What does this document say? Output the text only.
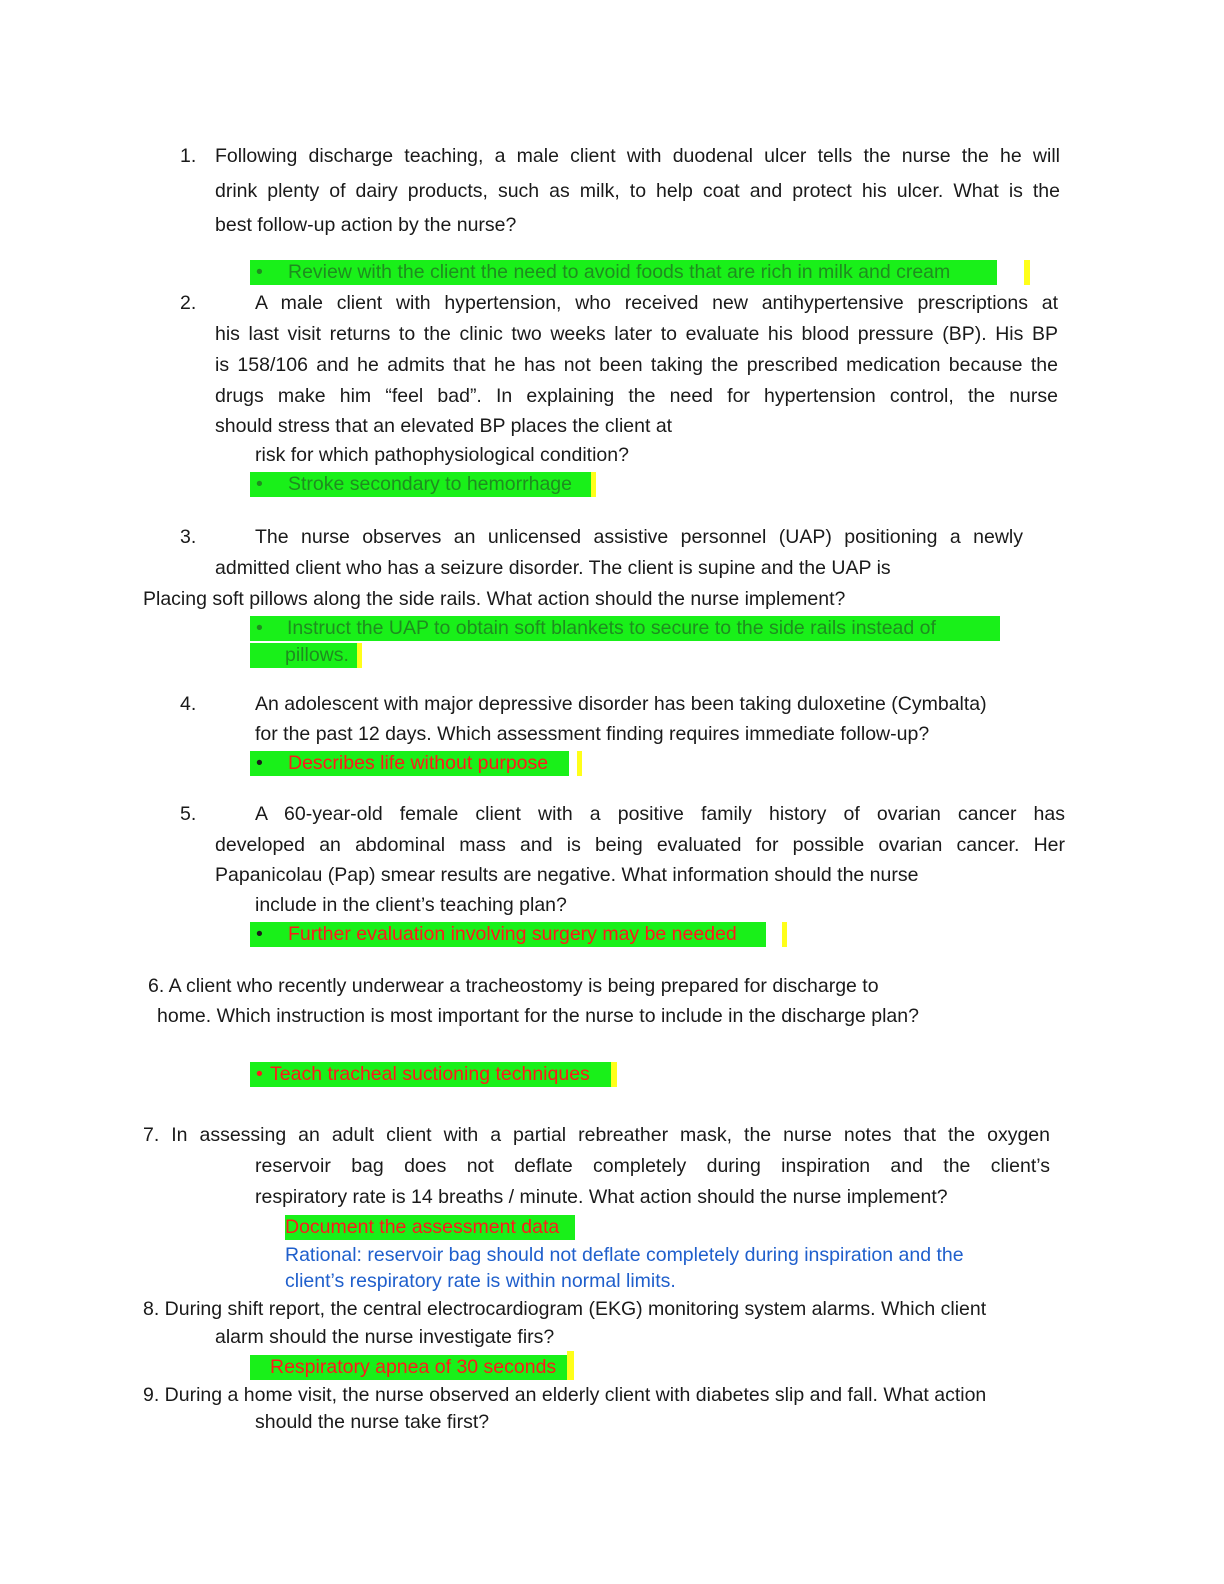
1. Following discharge teaching, a male client with duodenal ulcer tells the nurse the he will
drink plenty of dairy products, such as milk, to help coat and protect his ulcer. What is the
best follow-up action by the nurse?
• Review with the client the need to avoid foods that are rich in milk and cream
2.	A male client with hypertension, who received new antihypertensive prescriptions at
his last visit returns to the clinic two weeks later to evaluate his blood pressure (BP). His BP
is 158/106 and he admits that he has not been taking the prescribed medication because the
drugs make him “feel bad”. In explaining the need for hypertension control, the nurse
should stress that an elevated BP places the client at
risk for which pathophysiological condition?
• Stroke secondary to hemorrhage
3.	The nurse observes an unlicensed assistive personnel (UAP) positioning a newly
admitted client who has a seizure disorder. The client is supine and the UAP is
Placing soft pillows along the side rails. What action should the nurse implement?
• Instruct the UAP to obtain soft blankets to secure to the side rails instead of
pillows.
4.	An adolescent with major depressive disorder has been taking duloxetine (Cymbalta)
for the past 12 days. Which assessment finding requires immediate follow-up?
• Describes life without purpose
5.	A 60-year-old female client with a positive family history of ovarian cancer has
developed an abdominal mass and is being evaluated for possible ovarian cancer. Her
Papanicolau (Pap) smear results are negative. What information should the nurse
include in the client’s teaching plan?
• Further evaluation involving surgery may be needed
6. A client who recently underwear a tracheostomy is being prepared for discharge to
home. Which instruction is most important for the nurse to include in the discharge plan?
• Teach tracheal suctioning techniques
7. In assessing an adult client with a partial rebreather mask, the nurse notes that the oxygen
reservoir bag does not deflate completely during inspiration and the client’s
respiratory rate is 14 breaths / minute. What action should the nurse implement?
Document the assessment data
Rational: reservoir bag should not deflate completely during inspiration and the
client’s respiratory rate is within normal limits.
8. During shift report, the central electrocardiogram (EKG) monitoring system alarms. Which client
alarm should the nurse investigate firs?
Respiratory apnea of 30 seconds
9. During a home visit, the nurse observed an elderly client with diabetes slip and fall. What action
should the nurse take first?
